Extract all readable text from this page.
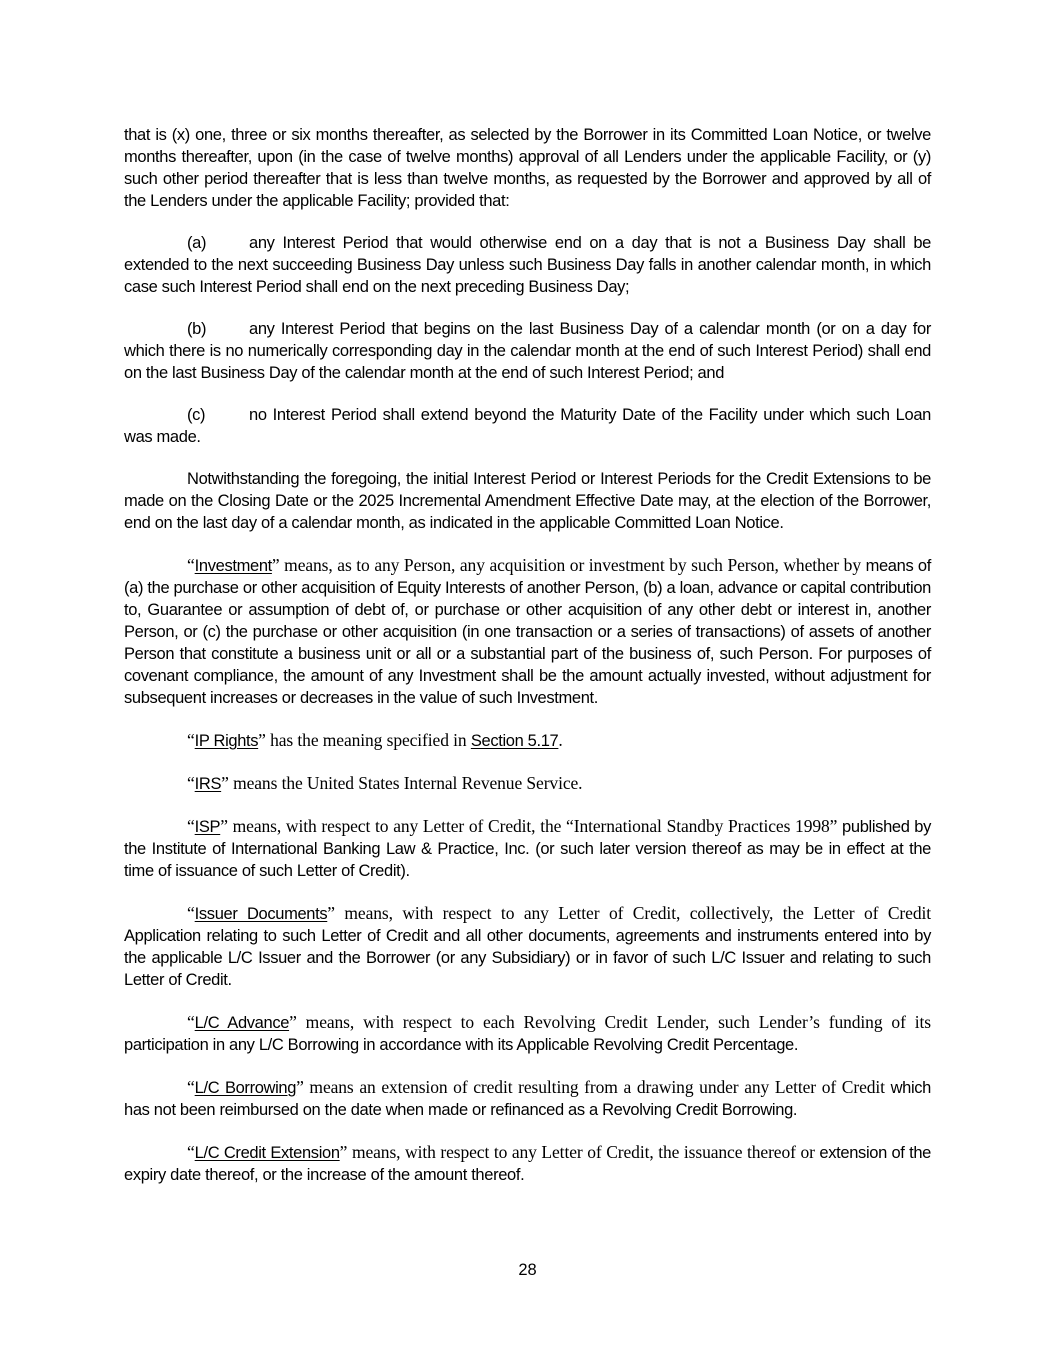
that is (x) one, three or six months thereafter, as selected by the Borrower in its Committed Loan Notice, or twelve months thereafter, upon (in the case of twelve months) approval of all Lenders under the applicable Facility, or (y) such other period thereafter that is less than twelve months, as requested by the Borrower and approved by all of the Lenders under the applicable Facility; provided that:

(a)	any Interest Period that would otherwise end on a day that is not a Business Day shall be extended to the next succeeding Business Day unless such Business Day falls in another calendar month, in which case such Interest Period shall end on the next preceding Business Day;

(b)	any Interest Period that begins on the last Business Day of a calendar month (or on a day for which there is no numerically corresponding day in the calendar month at the end of such Interest Period) shall end on the last Business Day of the calendar month at the end of such Interest Period; and

(c)	no Interest Period shall extend beyond the Maturity Date of the Facility under which such Loan was made.

Notwithstanding the foregoing, the initial Interest Period or Interest Periods for the Credit Extensions to be made on the Closing Date or the 2025 Incremental Amendment Effective Date may, at the election of the Borrower, end on the last day of a calendar month, as indicated in the applicable Committed Loan Notice.

“Investment” means, as to any Person, any acquisition or investment by such Person, whether by means of (a) the purchase or other acquisition of Equity Interests of another Person, (b) a loan, advance or capital contribution to, Guarantee or assumption of debt of, or purchase or other acquisition of any other debt or interest in, another Person, or (c) the purchase or other acquisition (in one transaction or a series of transactions) of assets of another Person that constitute a business unit or all or a substantial part of the business of, such Person. For purposes of covenant compliance, the amount of any Investment shall be the amount actually invested, without adjustment for subsequent increases or decreases in the value of such Investment.

“IP Rights” has the meaning specified in Section 5.17.

“IRS” means the United States Internal Revenue Service.

“ISP” means, with respect to any Letter of Credit, the “International Standby Practices 1998” published by the Institute of International Banking Law & Practice, Inc. (or such later version thereof as may be in effect at the time of issuance of such Letter of Credit).

“Issuer Documents” means, with respect to any Letter of Credit, collectively, the Letter of Credit Application relating to such Letter of Credit and all other documents, agreements and instruments entered into by the applicable L/C Issuer and the Borrower (or any Subsidiary) or in favor of such L/C Issuer and relating to such Letter of Credit.

“L/C Advance” means, with respect to each Revolving Credit Lender, such Lender’s funding of its participation in any L/C Borrowing in accordance with its Applicable Revolving Credit Percentage.

“L/C Borrowing” means an extension of credit resulting from a drawing under any Letter of Credit which has not been reimbursed on the date when made or refinanced as a Revolving Credit Borrowing.

“L/C Credit Extension” means, with respect to any Letter of Credit, the issuance thereof or extension of the expiry date thereof, or the increase of the amount thereof.

28
